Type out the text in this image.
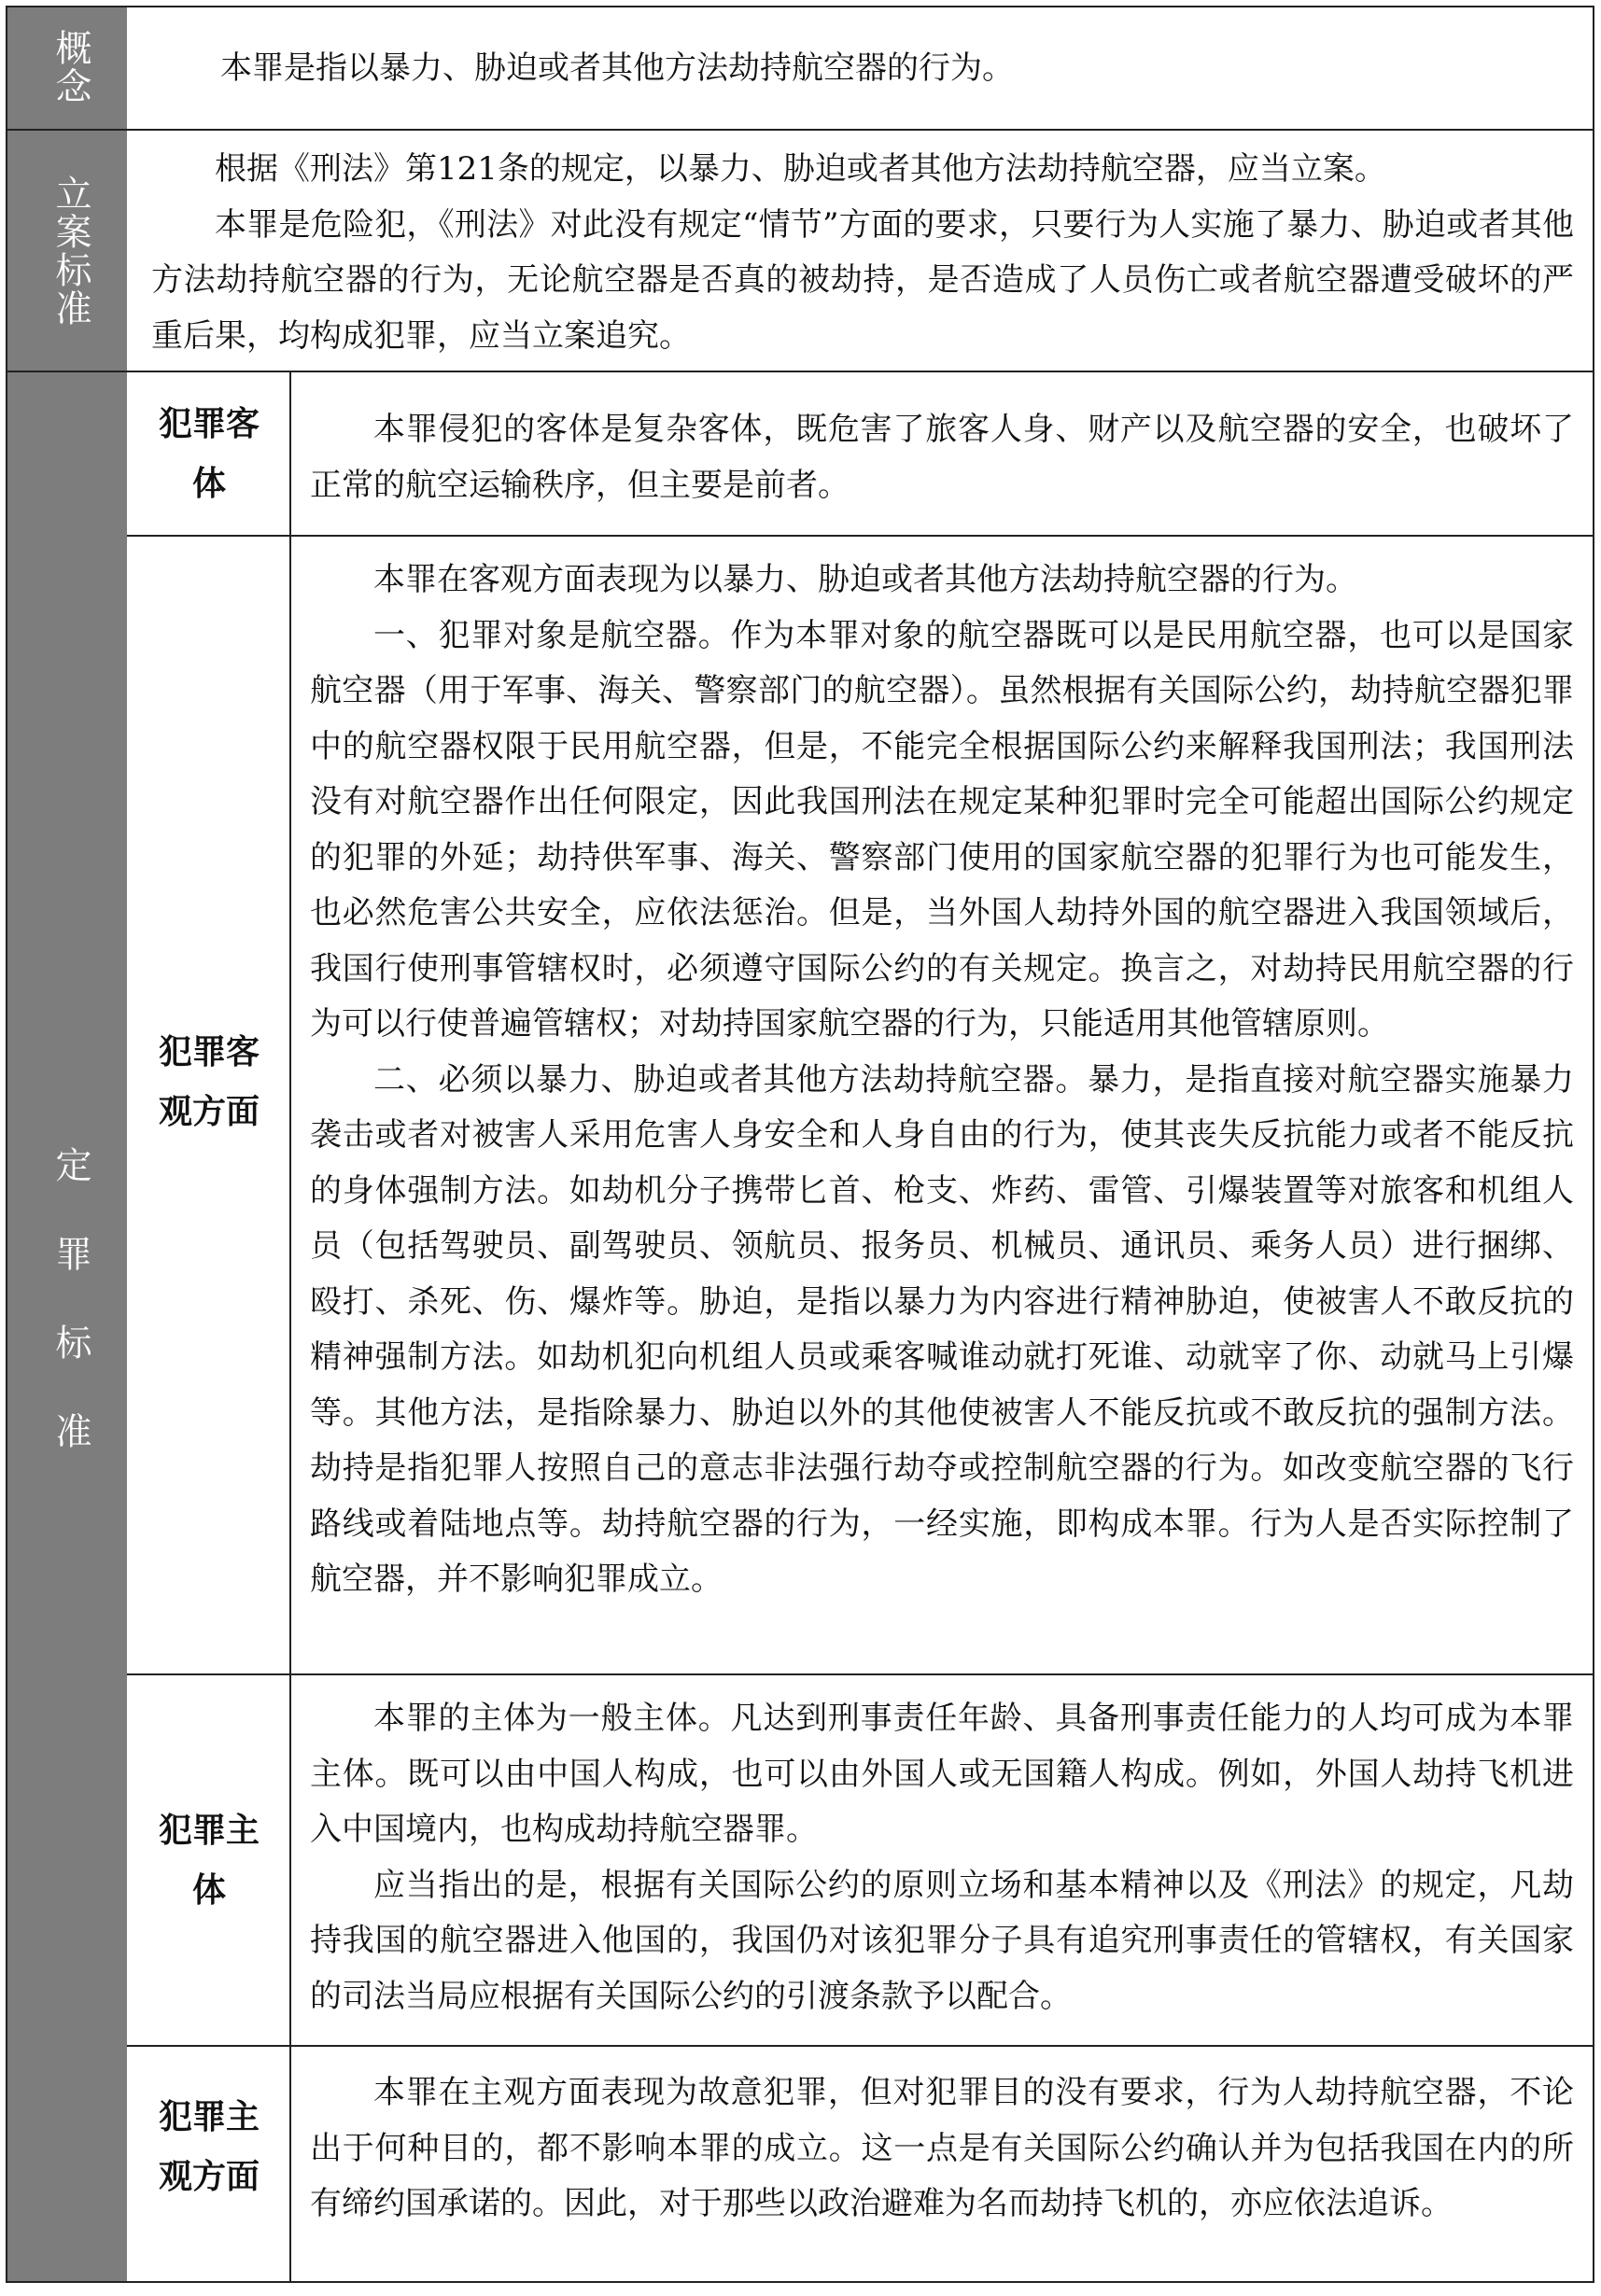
概念
立案标准
定罪标准

本罪是指以暴力、胁迫或者其他方法劫持航空器的行为。

根据《刑法》第121条的规定，以暴力、胁迫或者其他方法劫持航空器，应当立案。

本罪是危险犯，《刑法》对此没有规定“情节”方面的要求，只要行为人实施了暴力、胁迫或者其他方法劫持航空器的行为，无论航空器是否真的被劫持，是否造成了人员伤亡或者航空器遭受破坏的严重后果，均构成犯罪，应当立案追究。

犯罪客体

本罪侵犯的客体是复杂客体，既危害了旅客人身、财产以及航空器的安全，也破坏了正常的航空运输秩序，但主要是前者。

犯罪客观方面

本罪在客观方面表现为以暴力、胁迫或者其他方法劫持航空器的行为。

一、犯罪对象是航空器。作为本罪对象的航空器既可以是民用航空器，也可以是国家航空器（用于军事、海关、警察部门的航空器）。虽然根据有关国际公约，劫持航空器犯罪中的航空器权限于民用航空器，但是，不能完全根据国际公约来解释我国刑法；我国刑法没有对航空器作出任何限定，因此我国刑法在规定某种犯罪时完全可能超出国际公约规定的犯罪的外延；劫持供军事、海关、警察部门使用的国家航空器的犯罪行为也可能发生，也必然危害公共安全，应依法惩治。但是，当外国人劫持外国的航空器进入我国领域后，我国行使刑事管辖权时，必须遵守国际公约的有关规定。换言之，对劫持民用航空器的行为可以行使普遍管辖权；对劫持国家航空器的行为，只能适用其他管辖原则。

二、必须以暴力、胁迫或者其他方法劫持航空器。暴力，是指直接对航空器实施暴力袭击或者对被害人采用危害人身安全和人身自由的行为，使其丧失反抗能力或者不能反抗的身体强制方法。如劫机分子携带匕首、枪支、炸药、雷管、引爆装置等对旅客和机组人员（包括驾驶员、副驾驶员、领航员、报务员、机械员、通讯员、乘务人员）进行捆绑、殴打、杀死、伤、爆炸等。胁迫，是指以暴力为内容进行精神胁迫，使被害人不敢反抗的精神强制方法。如劫机犯向机组人员或乘客喊谁动就打死谁、动就宰了你、动就马上引爆等。其他方法，是指除暴力、胁迫以外的其他使被害人不能反抗或不敢反抗的强制方法。劫持是指犯罪人按照自己的意志非法强行劫夺或控制航空器的行为。如改变航空器的飞行路线或着陆地点等。劫持航空器的行为，一经实施，即构成本罪。行为人是否实际控制了航空器，并不影响犯罪成立。

犯罪主体

本罪的主体为一般主体。凡达到刑事责任年龄、具备刑事责任能力的人均可成为本罪主体。既可以由中国人构成，也可以由外国人或无国籍人构成。例如，外国人劫持飞机进入中国境内，也构成劫持航空器罪。

应当指出的是，根据有关国际公约的原则立场和基本精神以及《刑法》的规定，凡劫持我国的航空器进入他国的，我国仍对该犯罪分子具有追究刑事责任的管辖权，有关国家的司法当局应根据有关国际公约的引渡条款予以配合。

犯罪主观方面

本罪在主观方面表现为故意犯罪，但对犯罪目的没有要求，行为人劫持航空器，不论出于何种目的，都不影响本罪的成立。这一点是有关国际公约确认并为包括我国在内的所有缔约国承诺的。因此，对于那些以政治避难为名而劫持飞机的，亦应依法追诉。
